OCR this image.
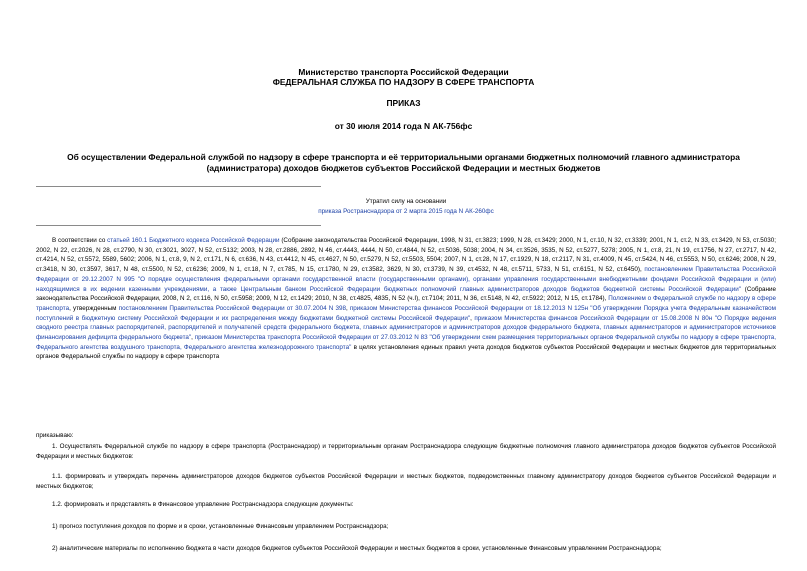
Министерство транспорта Российской Федерации
ФЕДЕРАЛЬНАЯ СЛУЖБА ПО НАДЗОРУ В СФЕРЕ ТРАНСПОРТА
ПРИКАЗ
от 30 июля 2014 года N АК-756фс
Об осуществлении Федеральной службой по надзору в сфере транспорта и её территориальными органами бюджетных полномочий главного администратора (администратора) доходов бюджетов субъектов Российской Федерации и местных бюджетов
Утратил силу на основании
приказа Ространснадзора от 2 марта 2015 года N АК-260фс

В соответствии со статьей 160.1 Бюджетного кодекса Российской Федерации (Собрание законодательства Российской Федерации, 1998, N 31, ст.3823; 1999, N 28, ст.3429; 2000, N 1, ст.10, N 32, ст.3339; 2001, N 1, ст.2, N 33, ст.3429, N 53, ст.5030; 2002, N 22, ст.2026, N 28, ст.2790, N 30, ст.3021, 3027, N 52, ст.5132; 2003, N 28, ст.2886, 2892, N 46, ст.4443, 4444, N 50, ст.4844, N 52, ст.5036, 5038; 2004, N 34, ст.3526, 3535, N 52, ст.5277, 5278; 2005, N 1, ст.8, 21, N 19, ст.1756, N 27, ст.2717, N 42, ст.4214, N 52, ст.5572, 5589, 5602; 2006, N 1, ст.8, 9, N 2, ст.171, N 6, ст.636, N 43, ст.4412, N 45, ст.4627, N 50, ст.5279, N 52, ст.5503, 5504; 2007, N 1, ст.28, N 17, ст.1929, N 18, ст.2117, N 31, ст.4009, N 45, ст.5424, N 46, ст.5553, N 50, ст.6246; 2008, N 29, ст.3418, N 30, ст.3597, 3617, N 48, ст.5500, N 52, ст.6236; 2009, N 1, ст.18, N 7, ст.785, N 15, ст.1780, N 29, ст.3582, 3629, N 30, ст.3739, N 39, ст.4532, N 48, ст.5711, 5733, N 51, ст.6151, N 52, ст.6450), постановлением Правительства Российской Федерации от 29.12.2007 N 995 "О порядке осуществления федеральными органами государственной власти (государственными органами), органами управления государственными внебюджетными фондами Российской Федерации и (или) находящимися в их ведении казенными учреждениями, а также Центральным банком Российской Федерации бюджетных полномочий главных администраторов доходов бюджетов бюджетной системы Российской Федерации" (Собрание законодательства Российской Федерации, 2008, N 2, ст.116, N 50, ст.5958; 2009, N 12, ст.1429; 2010, N 38, ст.4825, 4835, N 52 (ч.I), ст.7104; 2011, N 36, ст.5148, N 42, ст.5922; 2012, N 15, ст.1784), Положением о Федеральной службе по надзору в сфере транспорта, утвержденным постановлением Правительства Российской Федерации от 30.07.2004 N 398, приказом Министерства финансов Российской Федерации от 18.12.2013 N 125н "Об утверждении Порядка учета Федеральным казначейством поступлений в бюджетную систему Российской Федерации и их распределения между бюджетами бюджетной системы Российской Федерации", приказом Министерства финансов Российской Федерации от 15.08.2008 N 80н "О Порядке ведения сводного реестра главных распорядителей, распорядителей и получателей средств федерального бюджета, главных администраторов и администраторов доходов федерального бюджета, главных администраторов и администраторов источников финансирования дефицита федерального бюджета", приказом Министерства транспорта Российской Федерации от 27.03.2012 N 83 "Об утверждении схем размещения территориальных органов Федеральной службы по надзору в сфере транспорта, Федерального агентства воздушного транспорта, Федерального агентства железнодорожного транспорта" в целях установления единых правил учета доходов бюджетов субъектов Российской Федерации и местных бюджетов для территориальных органов Федеральной службы по надзору в сфере транспорта

приказываю:

1. Осуществлять Федеральной службе по надзору в сфере транспорта (Ространснадзор) и территориальным органам Ространснадзора следующие бюджетные полномочия главного администратора доходов бюджетов субъектов Российской Федерации и местных бюджетов:

1.1. формировать и утверждать перечень администраторов доходов бюджетов субъектов Российской Федерации и местных бюджетов, подведомственных главному администратору доходов бюджетов субъектов Российской Федерации и местных бюджетов;

1.2. формировать и представлять в Финансовое управление Ространснадзора следующие документы:

1) прогноз поступления доходов по форме и в сроки, установленные Финансовым управлением Ространснадзора;

2) аналитические материалы по исполнению бюджета в части доходов бюджетов субъектов Российской Федерации и местных бюджетов в сроки, установленные Финансовым управлением Ространснадзора;
